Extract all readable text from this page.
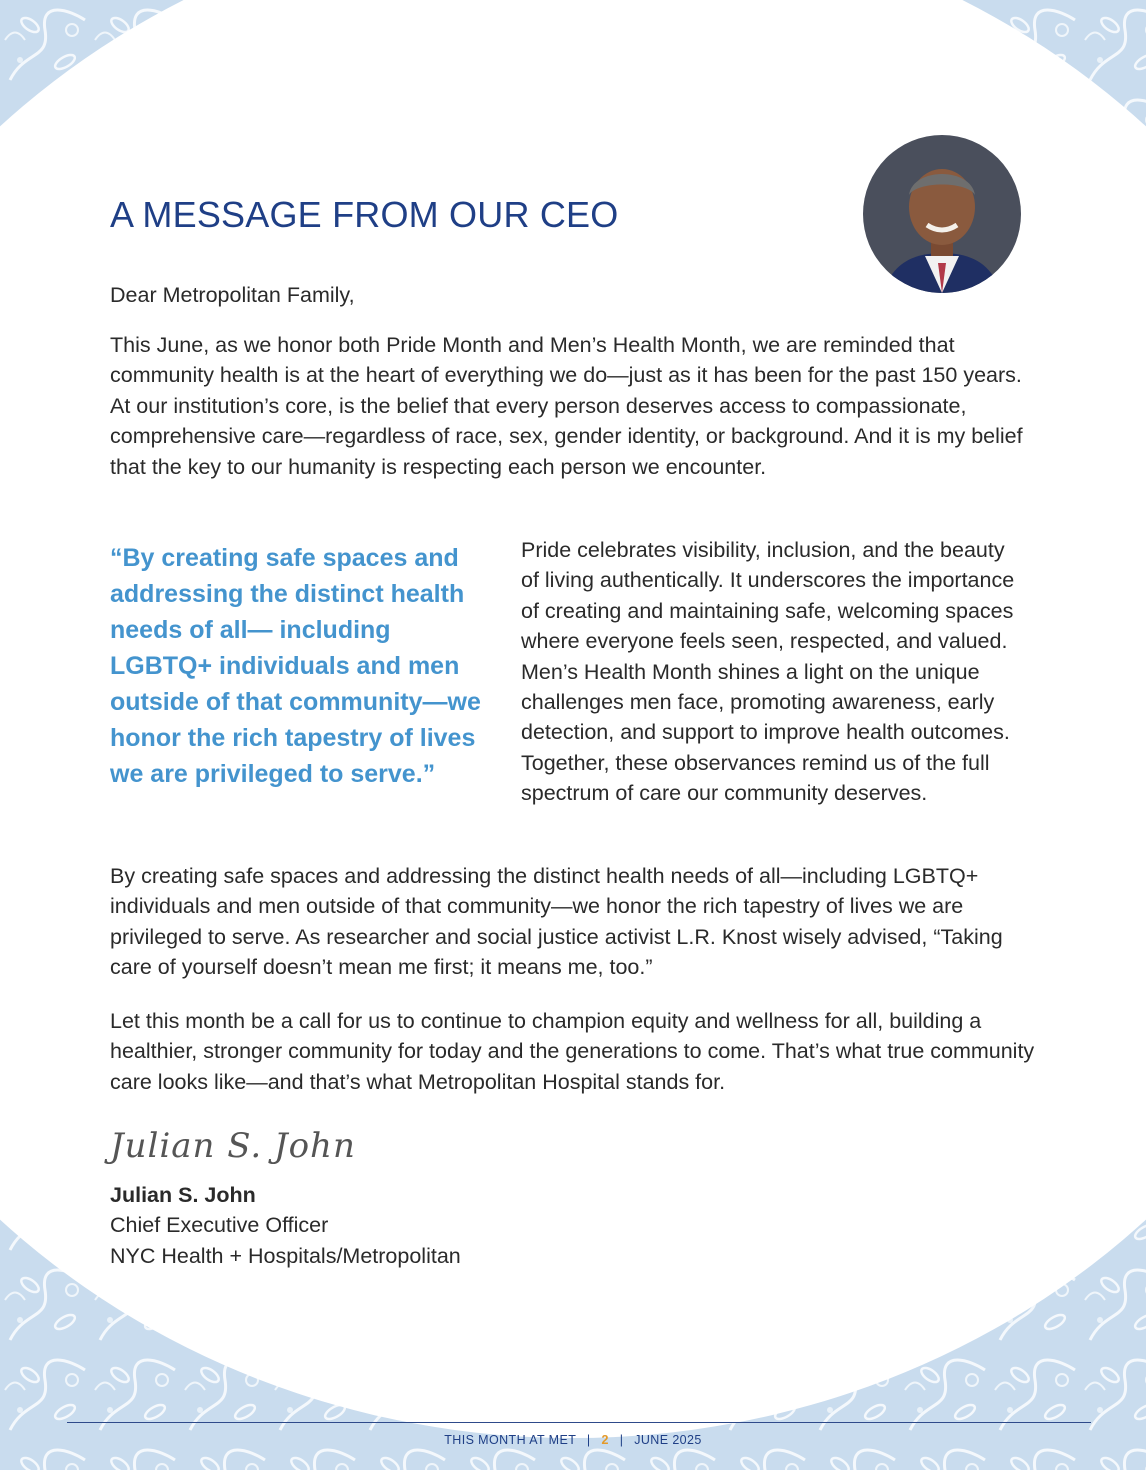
A MESSAGE FROM OUR CEO

Dear Metropolitan Family,

This June, as we honor both Pride Month and Men’s Health Month, we are reminded that community health is at the heart of everything we do—just as it has been for the past 150 years. At our institution’s core, is the belief that every person deserves access to compassionate, comprehensive care—regardless of race, sex, gender identity, or background. And it is my belief that the key to our humanity is respecting each person we encounter.

“By creating safe spaces and addressing the distinct health needs of all— including LGBTQ+ individuals and men outside of that community—we honor the rich tapestry of lives we are privileged to serve.”

Pride celebrates visibility, inclusion, and the beauty of living authentically. It underscores the importance of creating and maintaining safe, welcoming spaces where everyone feels seen, respected, and valued. Men’s Health Month shines a light on the unique challenges men face, promoting awareness, early detection, and support to improve health outcomes. Together, these observances remind us of the full spectrum of care our community deserves.

By creating safe spaces and addressing the distinct health needs of all—including LGBTQ+ individuals and men outside of that community—we honor the rich tapestry of lives we are privileged to serve. As researcher and social justice activist L.R. Knost wisely advised, “Taking care of yourself doesn’t mean me first; it means me, too.”

Let this month be a call for us to continue to champion equity and wellness for all, building a healthier, stronger community for today and the generations to come. That’s what true community care looks like—and that’s what Metropolitan Hospital stands for.

Julian S. John

Julian S. John
Chief Executive Officer
NYC Health + Hospitals/Metropolitan
THIS MONTH AT MET | 2 | JUNE 2025
